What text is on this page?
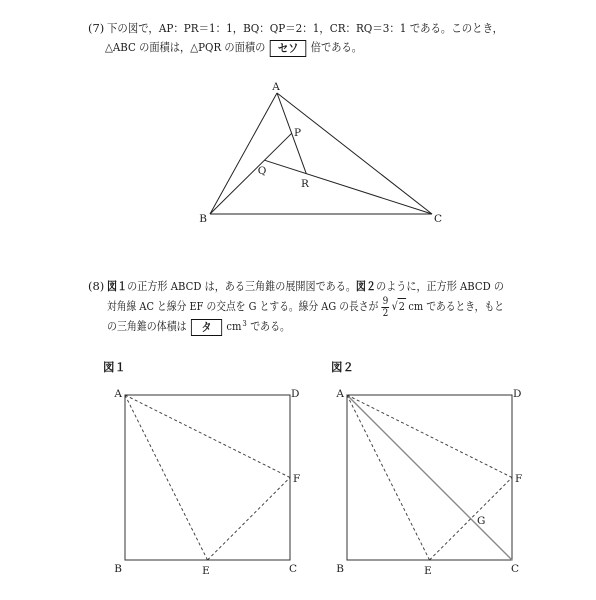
(7) 下の図で，AP：PR＝1：1，BQ：QP＝2：1，CR：RQ＝3：1 である。このとき，
△ABC の面積は，△PQR の面積の セソ 倍である。
(8) 図１の正方形 ABCD は，ある三角錐の展開図である。図２のように，正方形 ABCD の
対角線 AC と線分 EF の交点を G とする。線分 AG の長さが $\frac{9}{2} √2$ cm であるとき，もと
の三角錐の体積は タ $cm^3$ である。
図１	図２
A
B	C
P
Q
R
A	D
B	C
E
F
A	D
B	C
E
F
G
